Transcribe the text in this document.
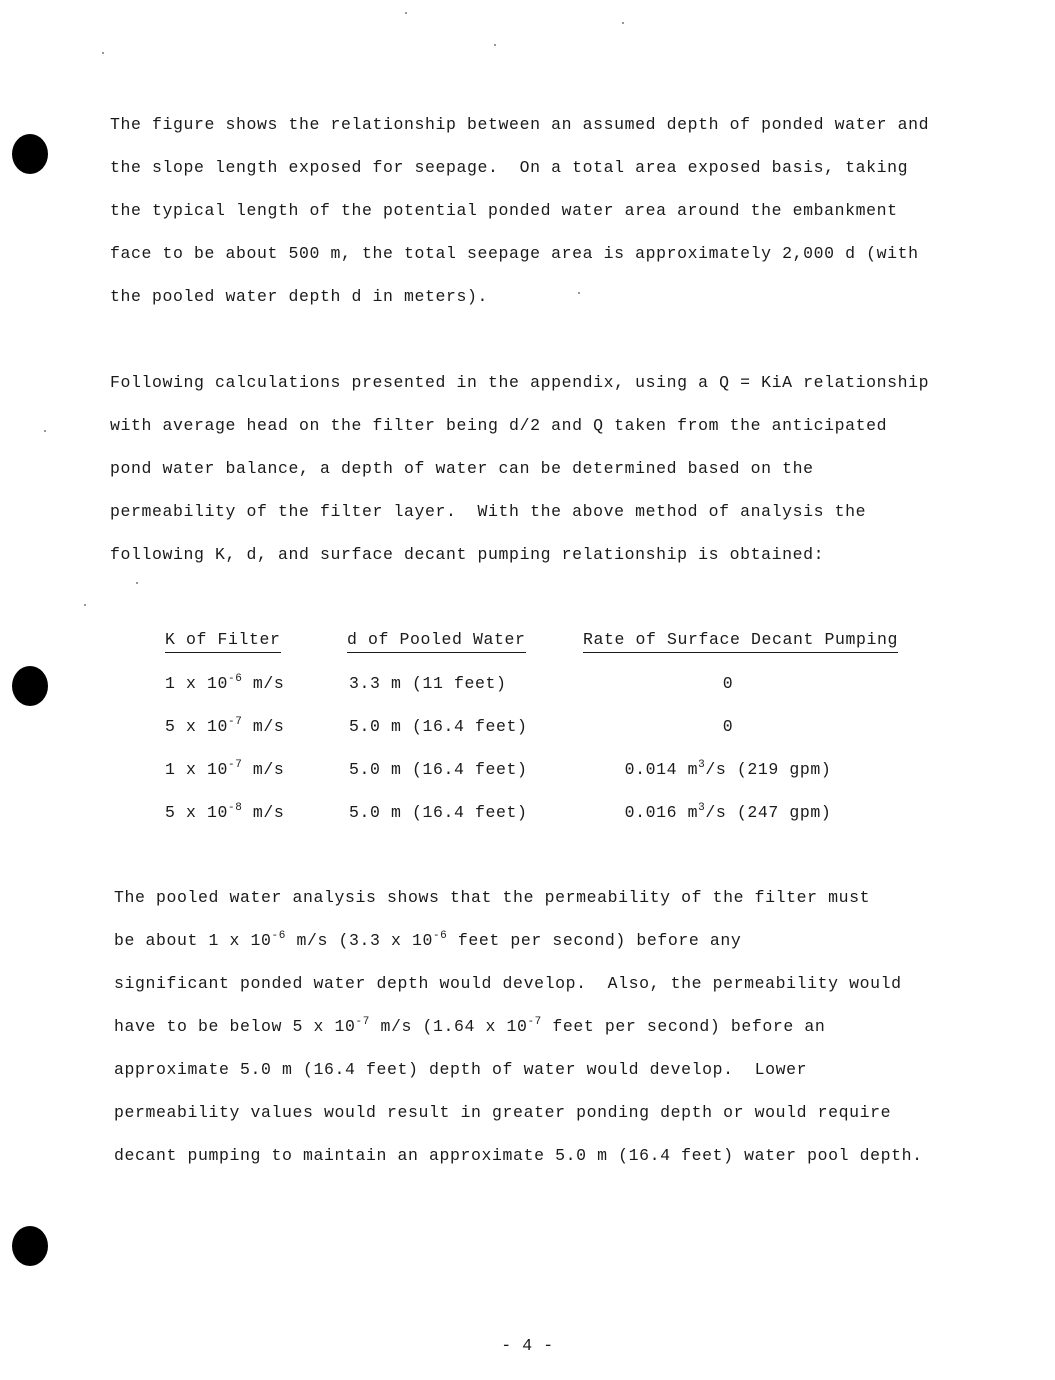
The figure shows the relationship between an assumed depth of ponded water and
the slope length exposed for seepage.  On a total area exposed basis, taking
the typical length of the potential ponded water area around the embankment
face to be about 500 m, the total seepage area is approximately 2,000 d (with
the pooled water depth d in meters).
Following calculations presented in the appendix, using a Q = KiA relationship
with average head on the filter being d/2 and Q taken from the anticipated
pond water balance, a depth of water can be determined based on the
permeability of the filter layer.  With the above method of analysis the
following K, d, and surface decant pumping relationship is obtained:
K of Filter	d of Pooled Water	Rate of Surface Decant Pumping
1 x $10^{-6}$ m/s	3.3 m (11 feet)	0
5 x $10^{-7}$ m/s	5.0 m (16.4 feet)	0
1 x $10^{-7}$ m/s	5.0 m (16.4 feet)	0.014 $m^3/s$ (219 gpm)
5 x $10^{-8}$ m/s	5.0 m (16.4 feet)	0.016 $m^3/s$ (247 gpm)
The pooled water analysis shows that the permeability of the filter must
be about 1 x $10^{-6}$ m/s (3.3 x $10^{-6}$ feet per second) before any
significant ponded water depth would develop.  Also, the permeability would
have to be below 5 x $10^{-7}$ m/s (1.64 x $10^{-7}$ feet per second) before an
approximate 5.0 m (16.4 feet) depth of water would develop.  Lower
permeability values would result in greater ponding depth or would require
decant pumping to maintain an approximate 5.0 m (16.4 feet) water pool depth.
- 4 -
